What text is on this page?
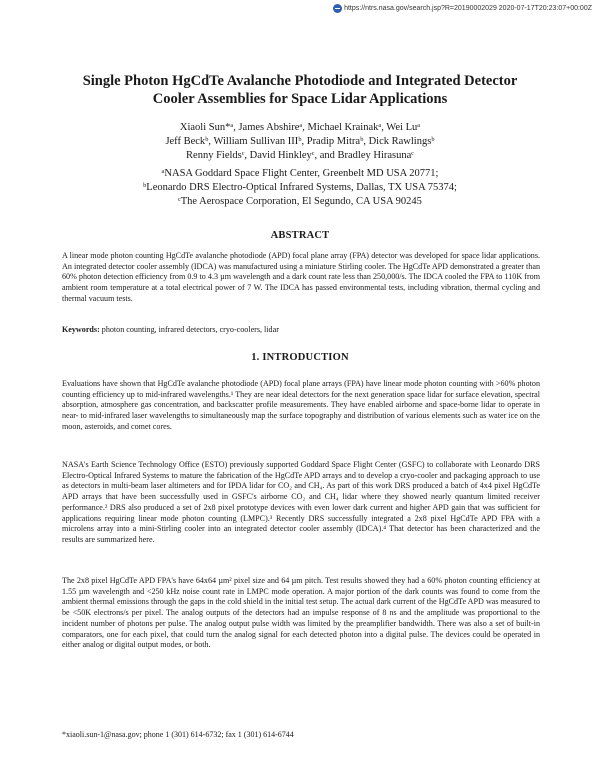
https://ntrs.nasa.gov/search.jsp?R=20190002029 2020-07-17T20:23:07+00:00Z
Single Photon HgCdTe Avalanche Photodiode and Integrated Detector
Cooler Assemblies for Space Lidar Applications
Xiaoli Sun*ᵃ, James Abshireᵃ, Michael Krainakᵃ, Wei Luᵃ
Jeff Beckᵇ, William Sullivan IIIᵇ, Pradip Mitraᵇ, Dick Rawlingsᵇ
Renny Fieldsᶜ, David Hinkleyᶜ, and Bradley Hirasunaᶜ
ᵃNASA Goddard Space Flight Center, Greenbelt MD USA 20771;
ᵇLeonardo DRS Electro-Optical Infrared Systems, Dallas, TX USA 75374;
ᶜThe Aerospace Corporation, El Segundo, CA USA 90245
ABSTRACT

A linear mode photon counting HgCdTe avalanche photodiode (APD) focal plane array (FPA) detector was developed for space lidar applications. An integrated detector cooler assembly (IDCA) was manufactured using a miniature Stirling cooler. The HgCdTe APD demonstrated a greater than 60% photon detection efficiency from 0.9 to 4.3 µm wavelength and a dark count rate less than 250,000/s. The IDCA cooled the FPA to 110K from ambient room temperature at a total electrical power of 7 W. The IDCA has passed environmental tests, including vibration, thermal cycling and thermal vacuum tests.

Keywords: photon counting, infrared detectors, cryo-coolers, lidar

1. INTRODUCTION

Evaluations have shown that HgCdTe avalanche photodiode (APD) focal plane arrays (FPA) have linear mode photon counting with >60% photon counting efficiency up to mid-infrared wavelengths.¹ They are near ideal detectors for the next generation space lidar for surface elevation, spectral absorption, atmosphere gas concentration, and backscatter profile measurements. They have enabled airborne and space-borne lidar to operate in near- to mid-infrared laser wavelengths to simultaneously map the surface topography and distribution of various elements such as water ice on the moon, asteroids, and comet cores.

NASA's Earth Science Technology Office (ESTO) previously supported Goddard Space Flight Center (GSFC) to collaborate with Leonardo DRS Electro-Optical Infrared Systems to mature the fabrication of the HgCdTe APD arrays and to develop a cryo-cooler and packaging approach to use as detectors in multi-beam laser altimeters and for IPDA lidar for CO₂ and CH₄. As part of this work DRS produced a batch of 4x4 pixel HgCdTe APD arrays that have been successfully used in GSFC's airborne CO₂ and CH₄ lidar where they showed nearly quantum limited receiver performance.² DRS also produced a set of 2x8 pixel prototype devices with even lower dark current and higher APD gain that was sufficient for applications requiring linear mode photon counting (LMPC).³ Recently DRS successfully integrated a 2x8 pixel HgCdTe APD FPA with a microlens array into a mini-Stirling cooler into an integrated detector cooler assembly (IDCA).⁴ That detector has been characterized and the results are summarized here.

The 2x8 pixel HgCdTe APD FPA's have 64x64 µm² pixel size and 64 µm pitch. Test results showed they had a 60% photon counting efficiency at 1.55 µm wavelength and <250 kHz noise count rate in LMPC mode operation. A major portion of the dark counts was found to come from the ambient thermal emissions through the gaps in the cold shield in the initial test setup. The actual dark current of the HgCdTe APD was measured to be <50K electrons/s per pixel. The analog outputs of the detectors had an impulse response of 8 ns and the amplitude was proportional to the incident number of photons per pulse. The analog output pulse width was limited by the preamplifier bandwidth. There was also a set of built-in comparators, one for each pixel, that could turn the analog signal for each detected photon into a digital pulse. The devices could be operated in either analog or digital output modes, or both.

*xiaoli.sun-1@nasa.gov; phone 1 (301) 614-6732; fax 1 (301) 614-6744
